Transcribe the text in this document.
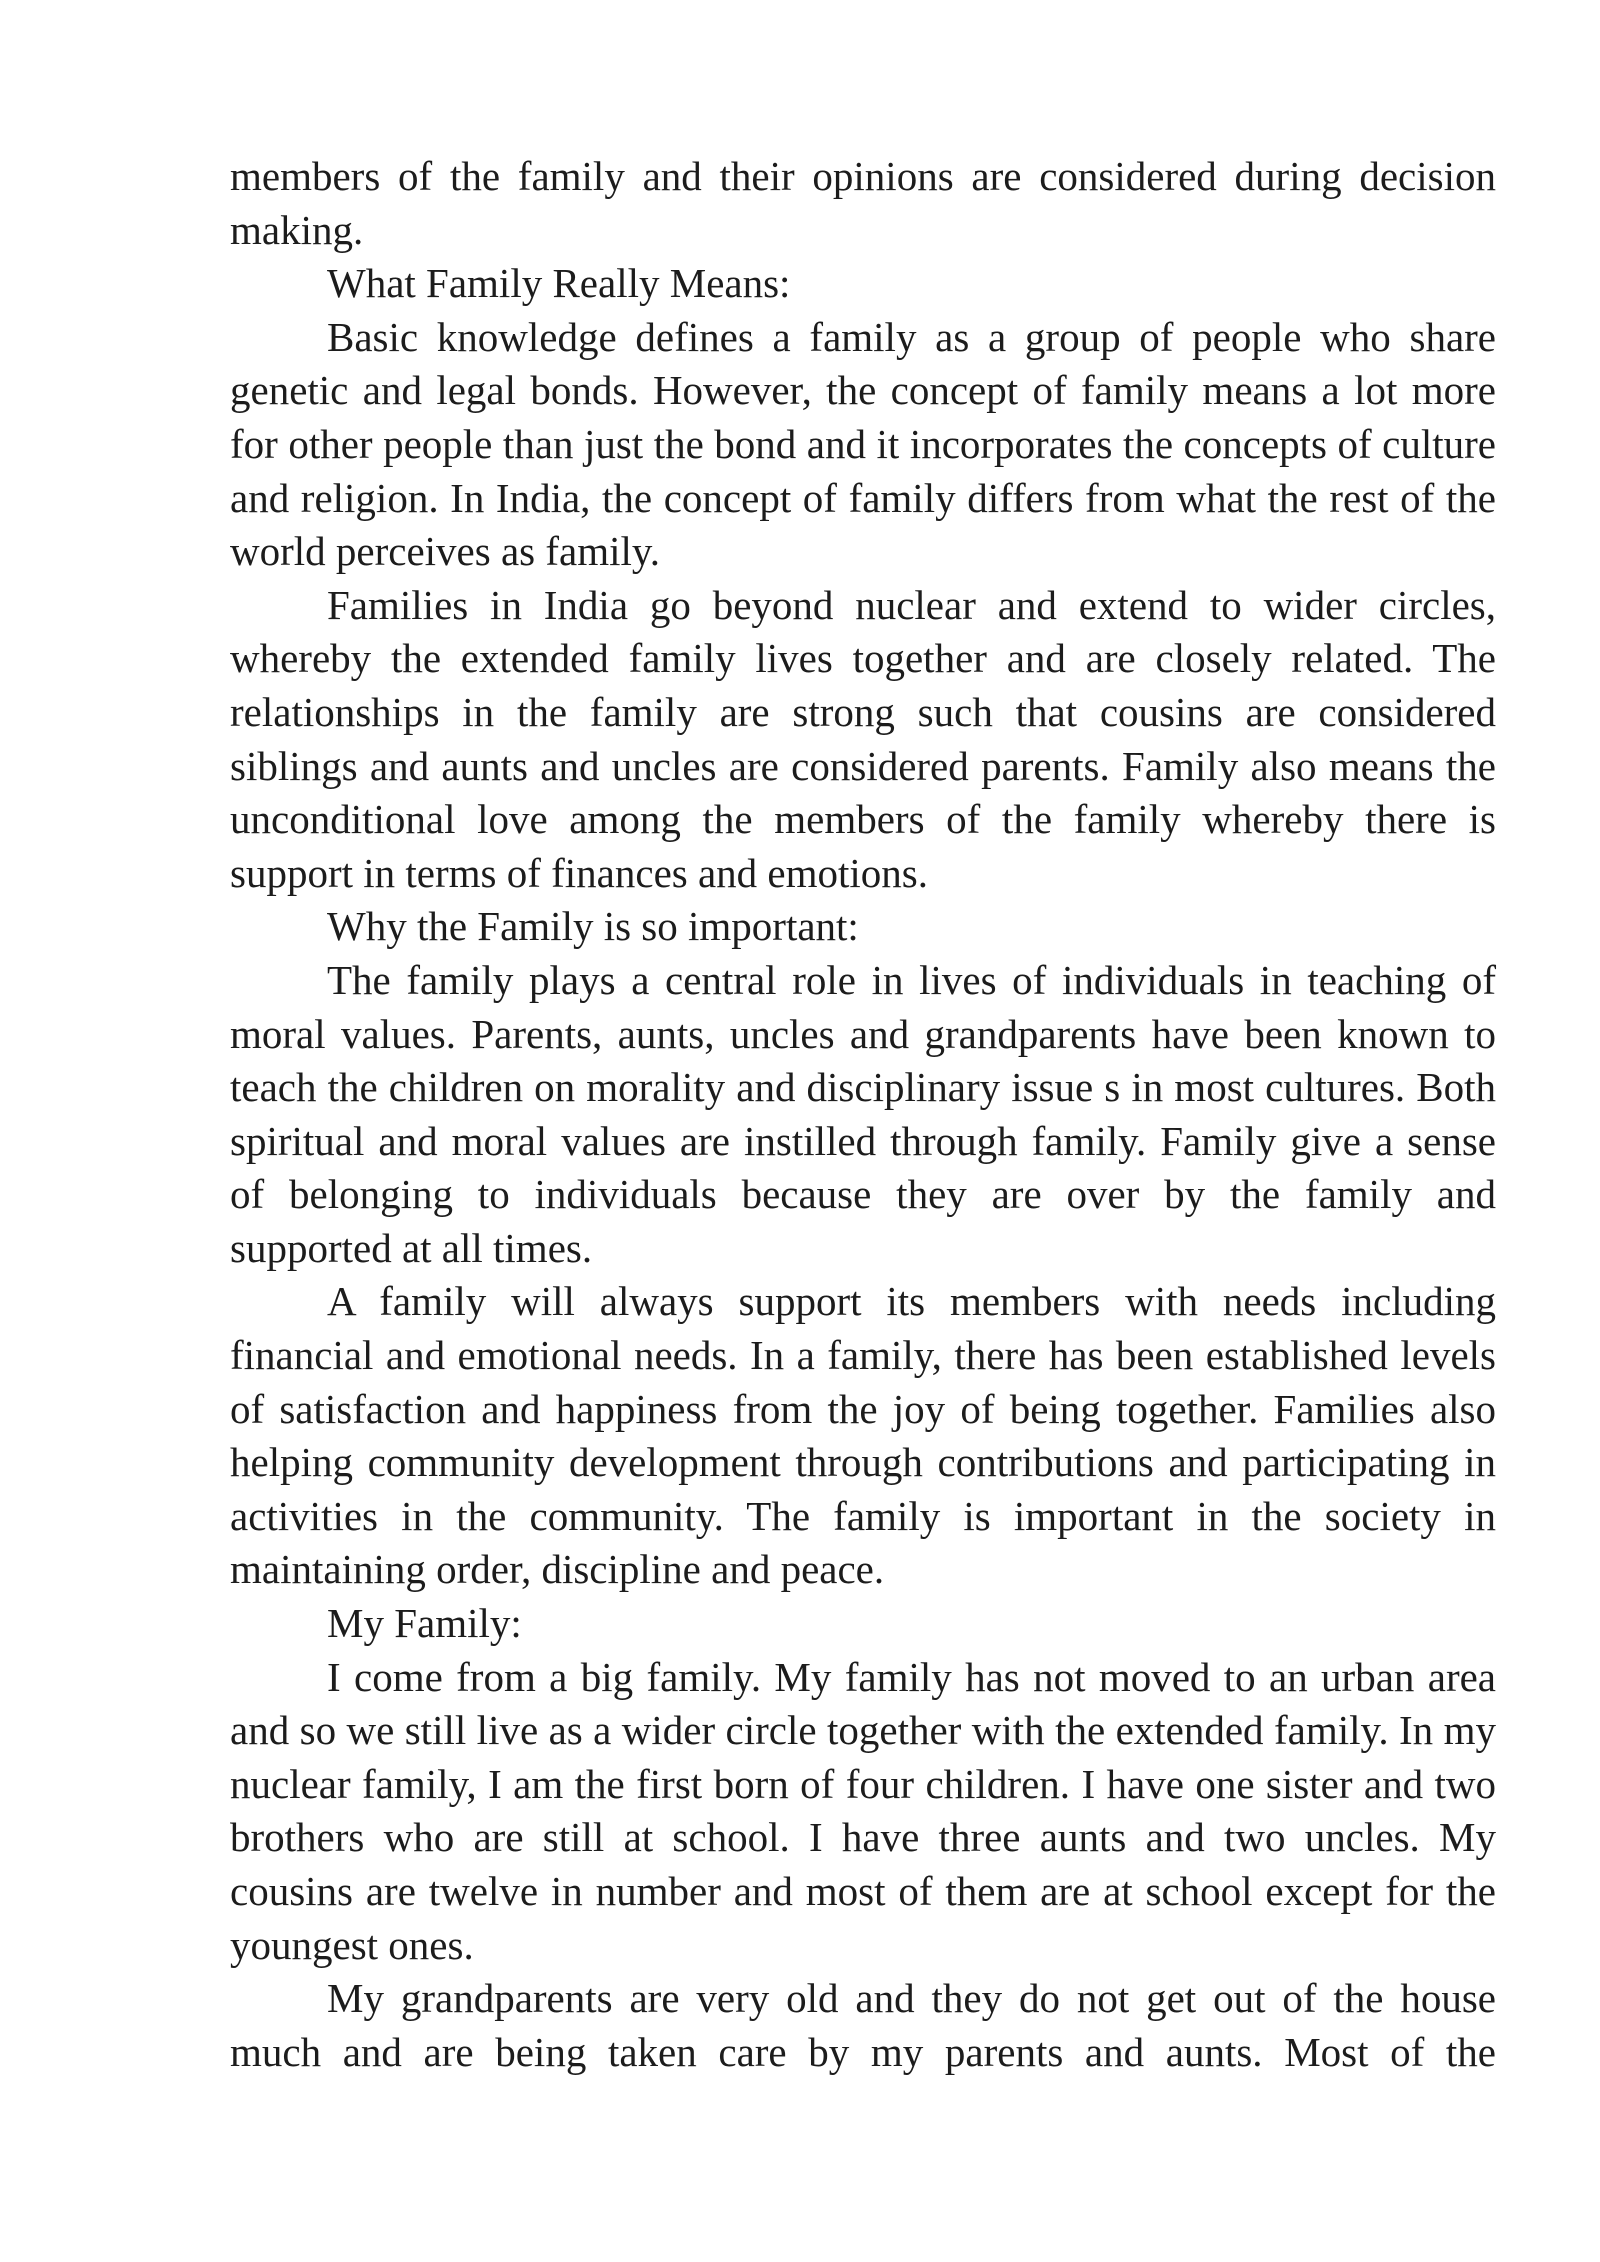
members of the family and their opinions are considered during decision making.

What Family Really Means:

Basic knowledge defines a family as a group of people who share genetic and legal bonds. However, the concept of family means a lot more for other people than just the bond and it incorporates the concepts of culture and religion. In India, the concept of family differs from what the rest of the world perceives as family.

Families in India go beyond nuclear and extend to wider circles, whereby the extended family lives together and are closely related. The relationships in the family are strong such that cousins are considered siblings and aunts and uncles are considered parents. Family also means the unconditional love among the members of the family whereby there is support in terms of finances and emotions.

Why the Family is so important:

The family plays a central role in lives of individuals in teaching of moral values. Parents, aunts, uncles and grandparents have been known to teach the children on morality and disciplinary issue s in most cultures. Both spiritual and moral values are instilled through family. Family give a sense of belonging to individuals because they are over by the family and supported at all times.

A family will always support its members with needs including financial and emotional needs. In a family, there has been established levels of satisfaction and happiness from the joy of being together. Families also helping community development through contributions and participating in activities in the community. The family is important in the society in maintaining order, discipline and peace.

My Family:

I come from a big family. My family has not moved to an urban area and so we still live as a wider circle together with the extended family. In my nuclear family, I am the first born of four children. I have one sister and two brothers who are still at school. I have three aunts and two uncles. My cousins are twelve in number and most of them are at school except for the youngest ones.

My grandparents are very old and they do not get out of the house much and are being taken care by my parents and aunts. Most of the
